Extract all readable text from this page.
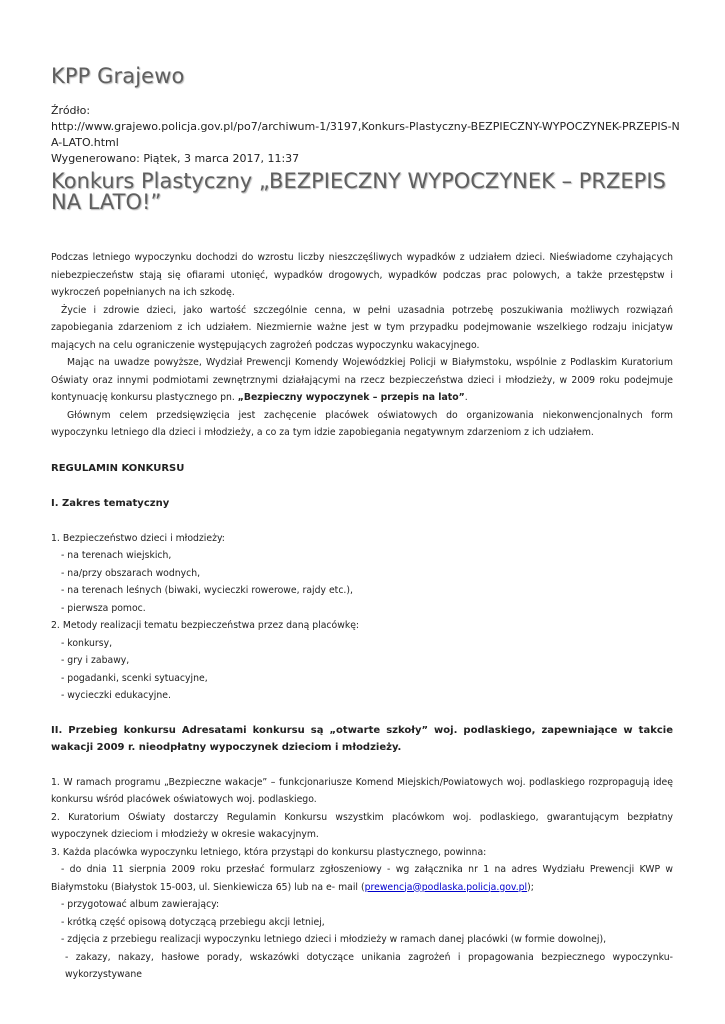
KPP Grajewo
Źródło:
http://www.grajewo.policja.gov.pl/po7/archiwum-1/3197,Konkurs-Plastyczny-BEZPIECZNY-WYPOCZYNEK-PRZEPIS-NA-LATO.html
Wygenerowano: Piątek, 3 marca 2017, 11:37
Konkurs Plastyczny „BEZPIECZNY WYPOCZYNEK – PRZEPIS NA LATO!”

Podczas letniego wypoczynku dochodzi do wzrostu liczby nieszczęśliwych wypadków z udziałem dzieci. Nieświadome czyhających niebezpieczeństw stają się ofiarami utonięć, wypadków drogowych, wypadków podczas prac polowych, a także przestępstw i wykroczeń popełnianych na ich szkodę.

Życie i zdrowie dzieci, jako wartość szczególnie cenna, w pełni uzasadnia potrzebę poszukiwania możliwych rozwiązań zapobiegania zdarzeniom z ich udziałem. Niezmiernie ważne jest w tym przypadku podejmowanie wszelkiego rodzaju inicjatyw mających na celu ograniczenie występujących zagrożeń podczas wypoczynku wakacyjnego.

Mając na uwadze powyższe, Wydział Prewencji Komendy Wojewódzkiej Policji w Białymstoku, wspólnie z Podlaskim Kuratorium Oświaty oraz innymi podmiotami zewnętrznymi działającymi na rzecz bezpieczeństwa dzieci i młodzieży, w 2009 roku podejmuje kontynuację konkursu plastycznego pn. „Bezpieczny wypoczynek – przepis na lato”.

Głównym celem przedsięwzięcia jest zachęcenie placówek oświatowych do organizowania niekonwencjonalnych form wypoczynku letniego dla dzieci i młodzieży, a co za tym idzie zapobiegania negatywnym zdarzeniom z ich udziałem.

REGULAMIN KONKURSU

I. Zakres tematyczny

1. Bezpieczeństwo dzieci i młodzieży:

- na terenach wiejskich,

- na/przy obszarach wodnych,

- na terenach leśnych (biwaki, wycieczki rowerowe, rajdy etc.),

- pierwsza pomoc.

2. Metody realizacji tematu bezpieczeństwa przez daną placówkę:

- konkursy,

- gry i zabawy,

- pogadanki, scenki sytuacyjne,

- wycieczki edukacyjne.

II. Przebieg konkursu Adresatami konkursu są „otwarte szkoły” woj. podlaskiego, zapewniające w takcie wakacji 2009 r. nieodpłatny wypoczynek dzieciom i młodzieży.

1. W ramach programu „Bezpieczne wakacje” – funkcjonariusze Komend Miejskich/Powiatowych woj. podlaskiego rozpropagują ideę konkursu wśród placówek oświatowych woj. podlaskiego.

2. Kuratorium Oświaty dostarczy Regulamin Konkursu wszystkim placówkom woj. podlaskiego, gwarantującym bezpłatny wypoczynek dzieciom i młodzieży w okresie wakacyjnym.

3. Każda placówka wypoczynku letniego, która przystąpi do konkursu plastycznego, powinna:

- do dnia 11 sierpnia 2009 roku przesłać formularz zgłoszeniowy - wg załącznika nr 1 na adres Wydziału Prewencji KWP w Białymstoku (Białystok 15-003, ul. Sienkiewicza 65) lub na e- mail (prewencja@podlaska.policja.gov.pl);

- przygotować album zawierający:

- krótką część opisową dotyczącą przebiegu akcji letniej,

- zdjęcia z przebiegu realizacji wypoczynku letniego dzieci i młodzieży w ramach danej placówki (w formie dowolnej),

- zakazy, nakazy, hasłowe porady, wskazówki dotyczące unikania zagrożeń i propagowania bezpiecznego wypoczynku- wykorzystywane
